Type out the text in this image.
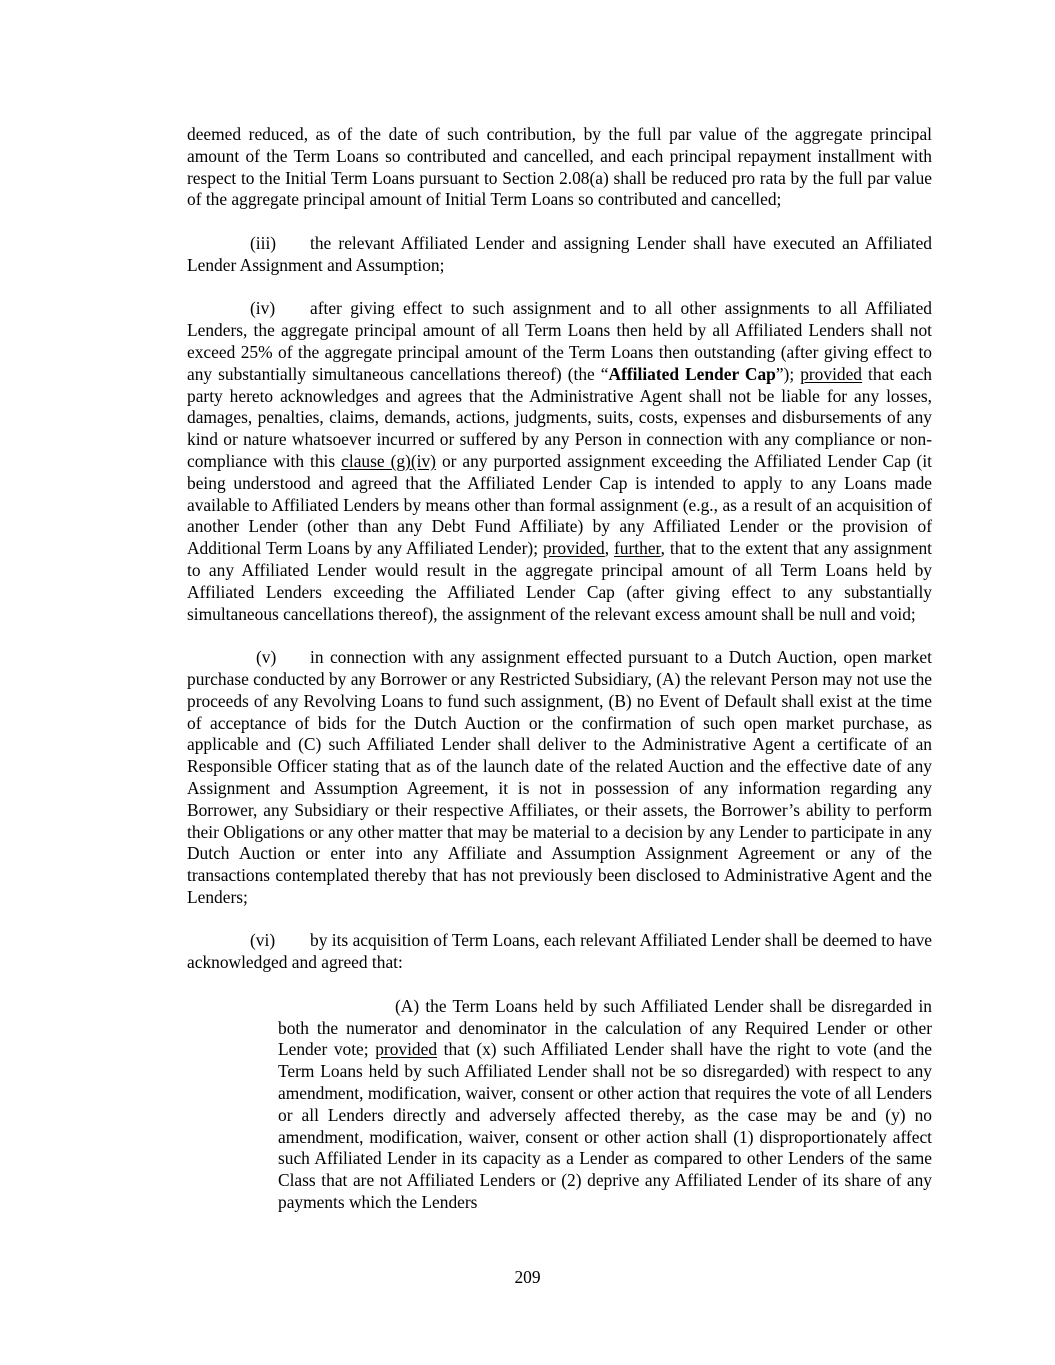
deemed reduced, as of the date of such contribution, by the full par value of the aggregate principal amount of the Term Loans so contributed and cancelled, and each principal repayment installment with respect to the Initial Term Loans pursuant to Section 2.08(a) shall be reduced pro rata by the full par value of the aggregate principal amount of Initial Term Loans so contributed and cancelled;

(iii) the relevant Affiliated Lender and assigning Lender shall have executed an Affiliated Lender Assignment and Assumption;

(iv) after giving effect to such assignment and to all other assignments to all Affiliated Lenders, the aggregate principal amount of all Term Loans then held by all Affiliated Lenders shall not exceed 25% of the aggregate principal amount of the Term Loans then outstanding (after giving effect to any substantially simultaneous cancellations thereof) (the “Affiliated Lender Cap”); provided that each party hereto acknowledges and agrees that the Administrative Agent shall not be liable for any losses, damages, penalties, claims, demands, actions, judgments, suits, costs, expenses and disbursements of any kind or nature whatsoever incurred or suffered by any Person in connection with any compliance or non-compliance with this clause (g)(iv) or any purported assignment exceeding the Affiliated Lender Cap (it being understood and agreed that the Affiliated Lender Cap is intended to apply to any Loans made available to Affiliated Lenders by means other than formal assignment (e.g., as a result of an acquisition of another Lender (other than any Debt Fund Affiliate) by any Affiliated Lender or the provision of Additional Term Loans by any Affiliated Lender); provided, further, that to the extent that any assignment to any Affiliated Lender would result in the aggregate principal amount of all Term Loans held by Affiliated Lenders exceeding the Affiliated Lender Cap (after giving effect to any substantially simultaneous cancellations thereof), the assignment of the relevant excess amount shall be null and void;

(v) in connection with any assignment effected pursuant to a Dutch Auction, open market purchase conducted by any Borrower or any Restricted Subsidiary, (A) the relevant Person may not use the proceeds of any Revolving Loans to fund such assignment, (B) no Event of Default shall exist at the time of acceptance of bids for the Dutch Auction or the confirmation of such open market purchase, as applicable and (C) such Affiliated Lender shall deliver to the Administrative Agent a certificate of an Responsible Officer stating that as of the launch date of the related Auction and the effective date of any Assignment and Assumption Agreement, it is not in possession of any information regarding any Borrower, any Subsidiary or their respective Affiliates, or their assets, the Borrower’s ability to perform their Obligations or any other matter that may be material to a decision by any Lender to participate in any Dutch Auction or enter into any Affiliate and Assumption Assignment Agreement or any of the transactions contemplated thereby that has not previously been disclosed to Administrative Agent and the Lenders;

(vi) by its acquisition of Term Loans, each relevant Affiliated Lender shall be deemed to have acknowledged and agreed that:

(A) the Term Loans held by such Affiliated Lender shall be disregarded in both the numerator and denominator in the calculation of any Required Lender or other Lender vote; provided that (x) such Affiliated Lender shall have the right to vote (and the Term Loans held by such Affiliated Lender shall not be so disregarded) with respect to any amendment, modification, waiver, consent or other action that requires the vote of all Lenders or all Lenders directly and adversely affected thereby, as the case may be and (y) no amendment, modification, waiver, consent or other action shall (1) disproportionately affect such Affiliated Lender in its capacity as a Lender as compared to other Lenders of the same Class that are not Affiliated Lenders or (2) deprive any Affiliated Lender of its share of any payments which the Lenders

209
